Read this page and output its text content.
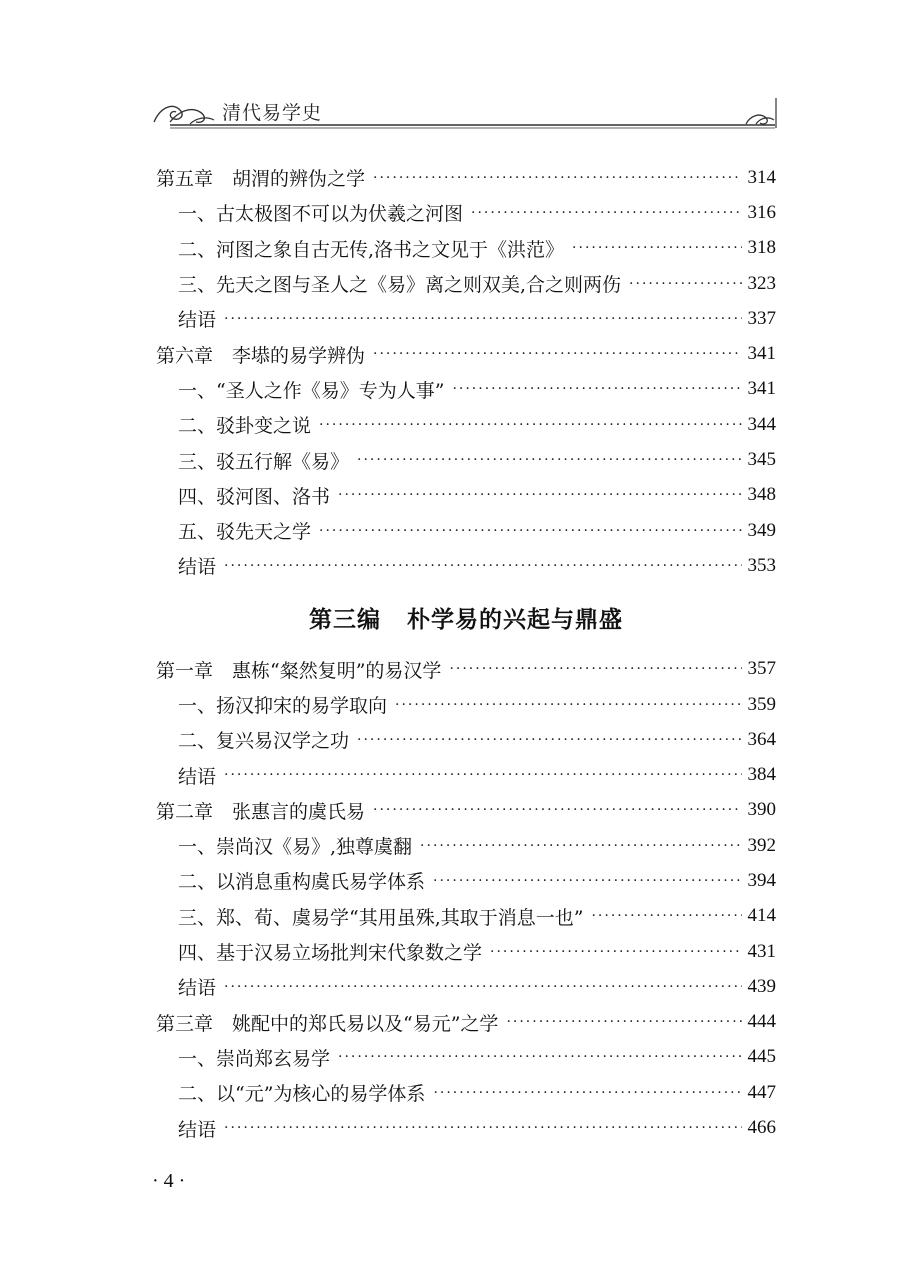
清代易学史
第五章　胡渭的辨伪之学 ·····	314
一、古太极图不可以为伏羲之河图 ·····	316
二、河图之象自古无传,洛书之文见于《洪范》 ·····	318
三、先天之图与圣人之《易》离之则双美,合之则两伤 ·····	323
结语 ·····	337
第六章　李塨的易学辨伪 ·····	341
一、“圣人之作《易》专为人事” ·····	341
二、驳卦变之说 ·····	344
三、驳五行解《易》 ·····	345
四、驳河图、洛书 ·····	348
五、驳先天之学 ·····	349
结语 ·····	353
第三编 朴学易的兴起与鼎盛
第一章　惠栋“粲然复明”的易汉学 ·····	357
一、扬汉抑宋的易学取向 ·····	359
二、复兴易汉学之功 ·····	364
结语 ·····	384
第二章　张惠言的虞氏易 ·····	390
一、崇尚汉《易》,独尊虞翻 ·····	392
二、以消息重构虞氏易学体系 ·····	394
三、郑、荀、虞易学“其用虽殊,其取于消息一也” ·····	414
四、基于汉易立场批判宋代象数之学 ·····	431
结语 ·····	439
第三章　姚配中的郑氏易以及“易元”之学 ·····	444
一、崇尚郑玄易学 ·····	445
二、以“元”为核心的易学体系 ·····	447
结语 ·····	466
· 4 ·
